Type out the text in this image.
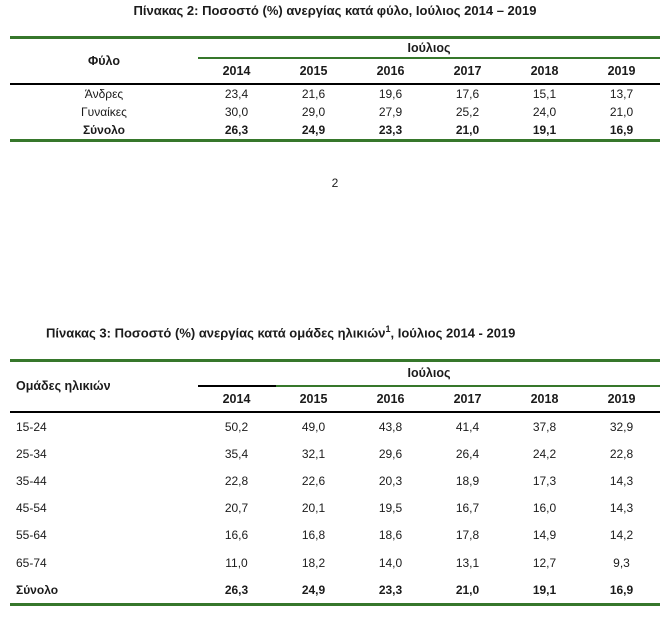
Πίνακας 2: Ποσοστό (%) ανεργίας κατά φύλο, Ιούλιος 2014 – 2019
Φύλο
Ιούλιος
2014	2015	2016	2017	2018	2019
Άνδρες	23,4	21,6	19,6	17,6	15,1	13,7
Γυναίκες	30,0	29,0	27,9	25,2	24,0	21,0
Σύνολο	26,3	24,9	23,3	21,0	19,1	16,9
2
Πίνακας 3: Ποσοστό (%) ανεργίας κατά ομάδες ηλικιών$^1$, Ιούλιος 2014 - 2019
Ομάδες ηλικιών
Ιούλιος
2014	2015	2016	2017	2018	2019
15-24	50,2	49,0	43,8	41,4	37,8	32,9
25-34	35,4	32,1	29,6	26,4	24,2	22,8
35-44	22,8	22,6	20,3	18,9	17,3	14,3
45-54	20,7	20,1	19,5	16,7	16,0	14,3
55-64	16,6	16,8	18,6	17,8	14,9	14,2
65-74	11,0	18,2	14,0	13,1	12,7	9,3
Σύνολο	26,3	24,9	23,3	21,0	19,1	16,9
